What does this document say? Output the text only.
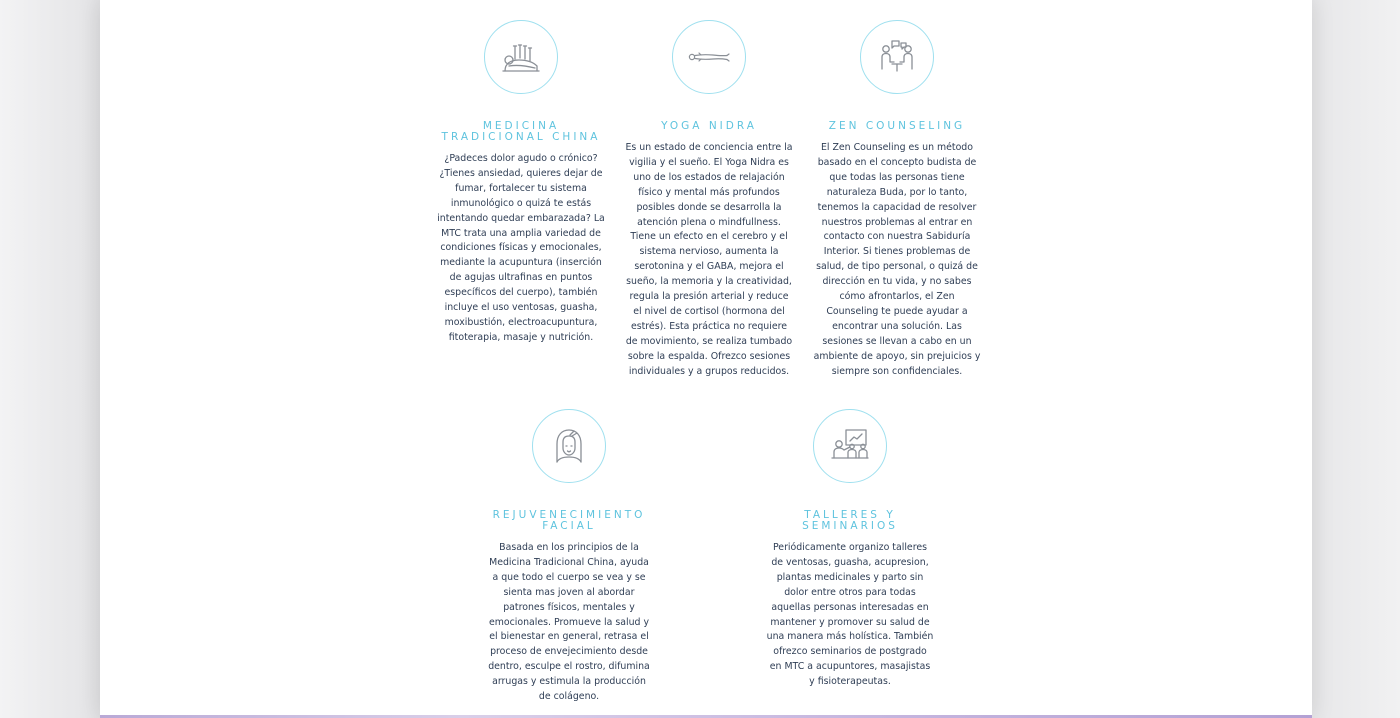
MEDICINA TRADICIONAL CHINA
¿Padeces dolor agudo o crónico? ¿Tienes ansiedad, quieres dejar de fumar, fortalecer tu sistema inmunológico o quizá te estás intentando quedar embarazada? La MTC trata una amplia variedad de condiciones físicas y emocionales, mediante la acupuntura (inserción de agujas ultrafinas en puntos específicos del cuerpo), también incluye el uso ventosas, guasha, moxibustión, electroacupuntura, fitoterapia, masaje y nutrición.
YOGA NIDRA
Es un estado de conciencia entre la vigilia y el sueño. El Yoga Nidra es uno de los estados de relajación físico y mental más profundos posibles donde se desarrolla la atención plena o mindfullness. Tiene un efecto en el cerebro y el sistema nervioso, aumenta la serotonina y el GABA, mejora el sueño, la memoria y la creatividad, regula la presión arterial y reduce el nivel de cortisol (hormona del estrés). Esta práctica no requiere de movimiento, se realiza tumbado sobre la espalda. Ofrezco sesiones individuales y a grupos reducidos.
ZEN COUNSELING
El Zen Counseling es un método basado en el concepto budista de que todas las personas tiene naturaleza Buda, por lo tanto, tenemos la capacidad de resolver nuestros problemas al entrar en contacto con nuestra Sabiduría Interior. Si tienes problemas de salud, de tipo personal, o quizá de dirección en tu vida, y no sabes cómo afrontarlos, el Zen Counseling te puede ayudar a encontrar una solución. Las sesiones se llevan a cabo en un ambiente de apoyo, sin prejuicios y siempre son confidenciales.
REJUVENECIMIENTO FACIAL
Basada en los principios de la Medicina Tradicional China, ayuda a que todo el cuerpo se vea y se sienta mas joven al abordar patrones físicos, mentales y emocionales. Promueve la salud y el bienestar en general, retrasa el proceso de envejecimiento desde dentro, esculpe el rostro, difumina arrugas y estimula la producción de colágeno.
TALLERES Y SEMINARIOS
Periódicamente organizo talleres de ventosas, guasha, acupresion, plantas medicinales y parto sin dolor entre otros para todas aquellas personas interesadas en mantener y promover su salud de una manera más holística. También ofrezco seminarios de postgrado en MTC a acupuntores, masajistas y fisioterapeutas.
